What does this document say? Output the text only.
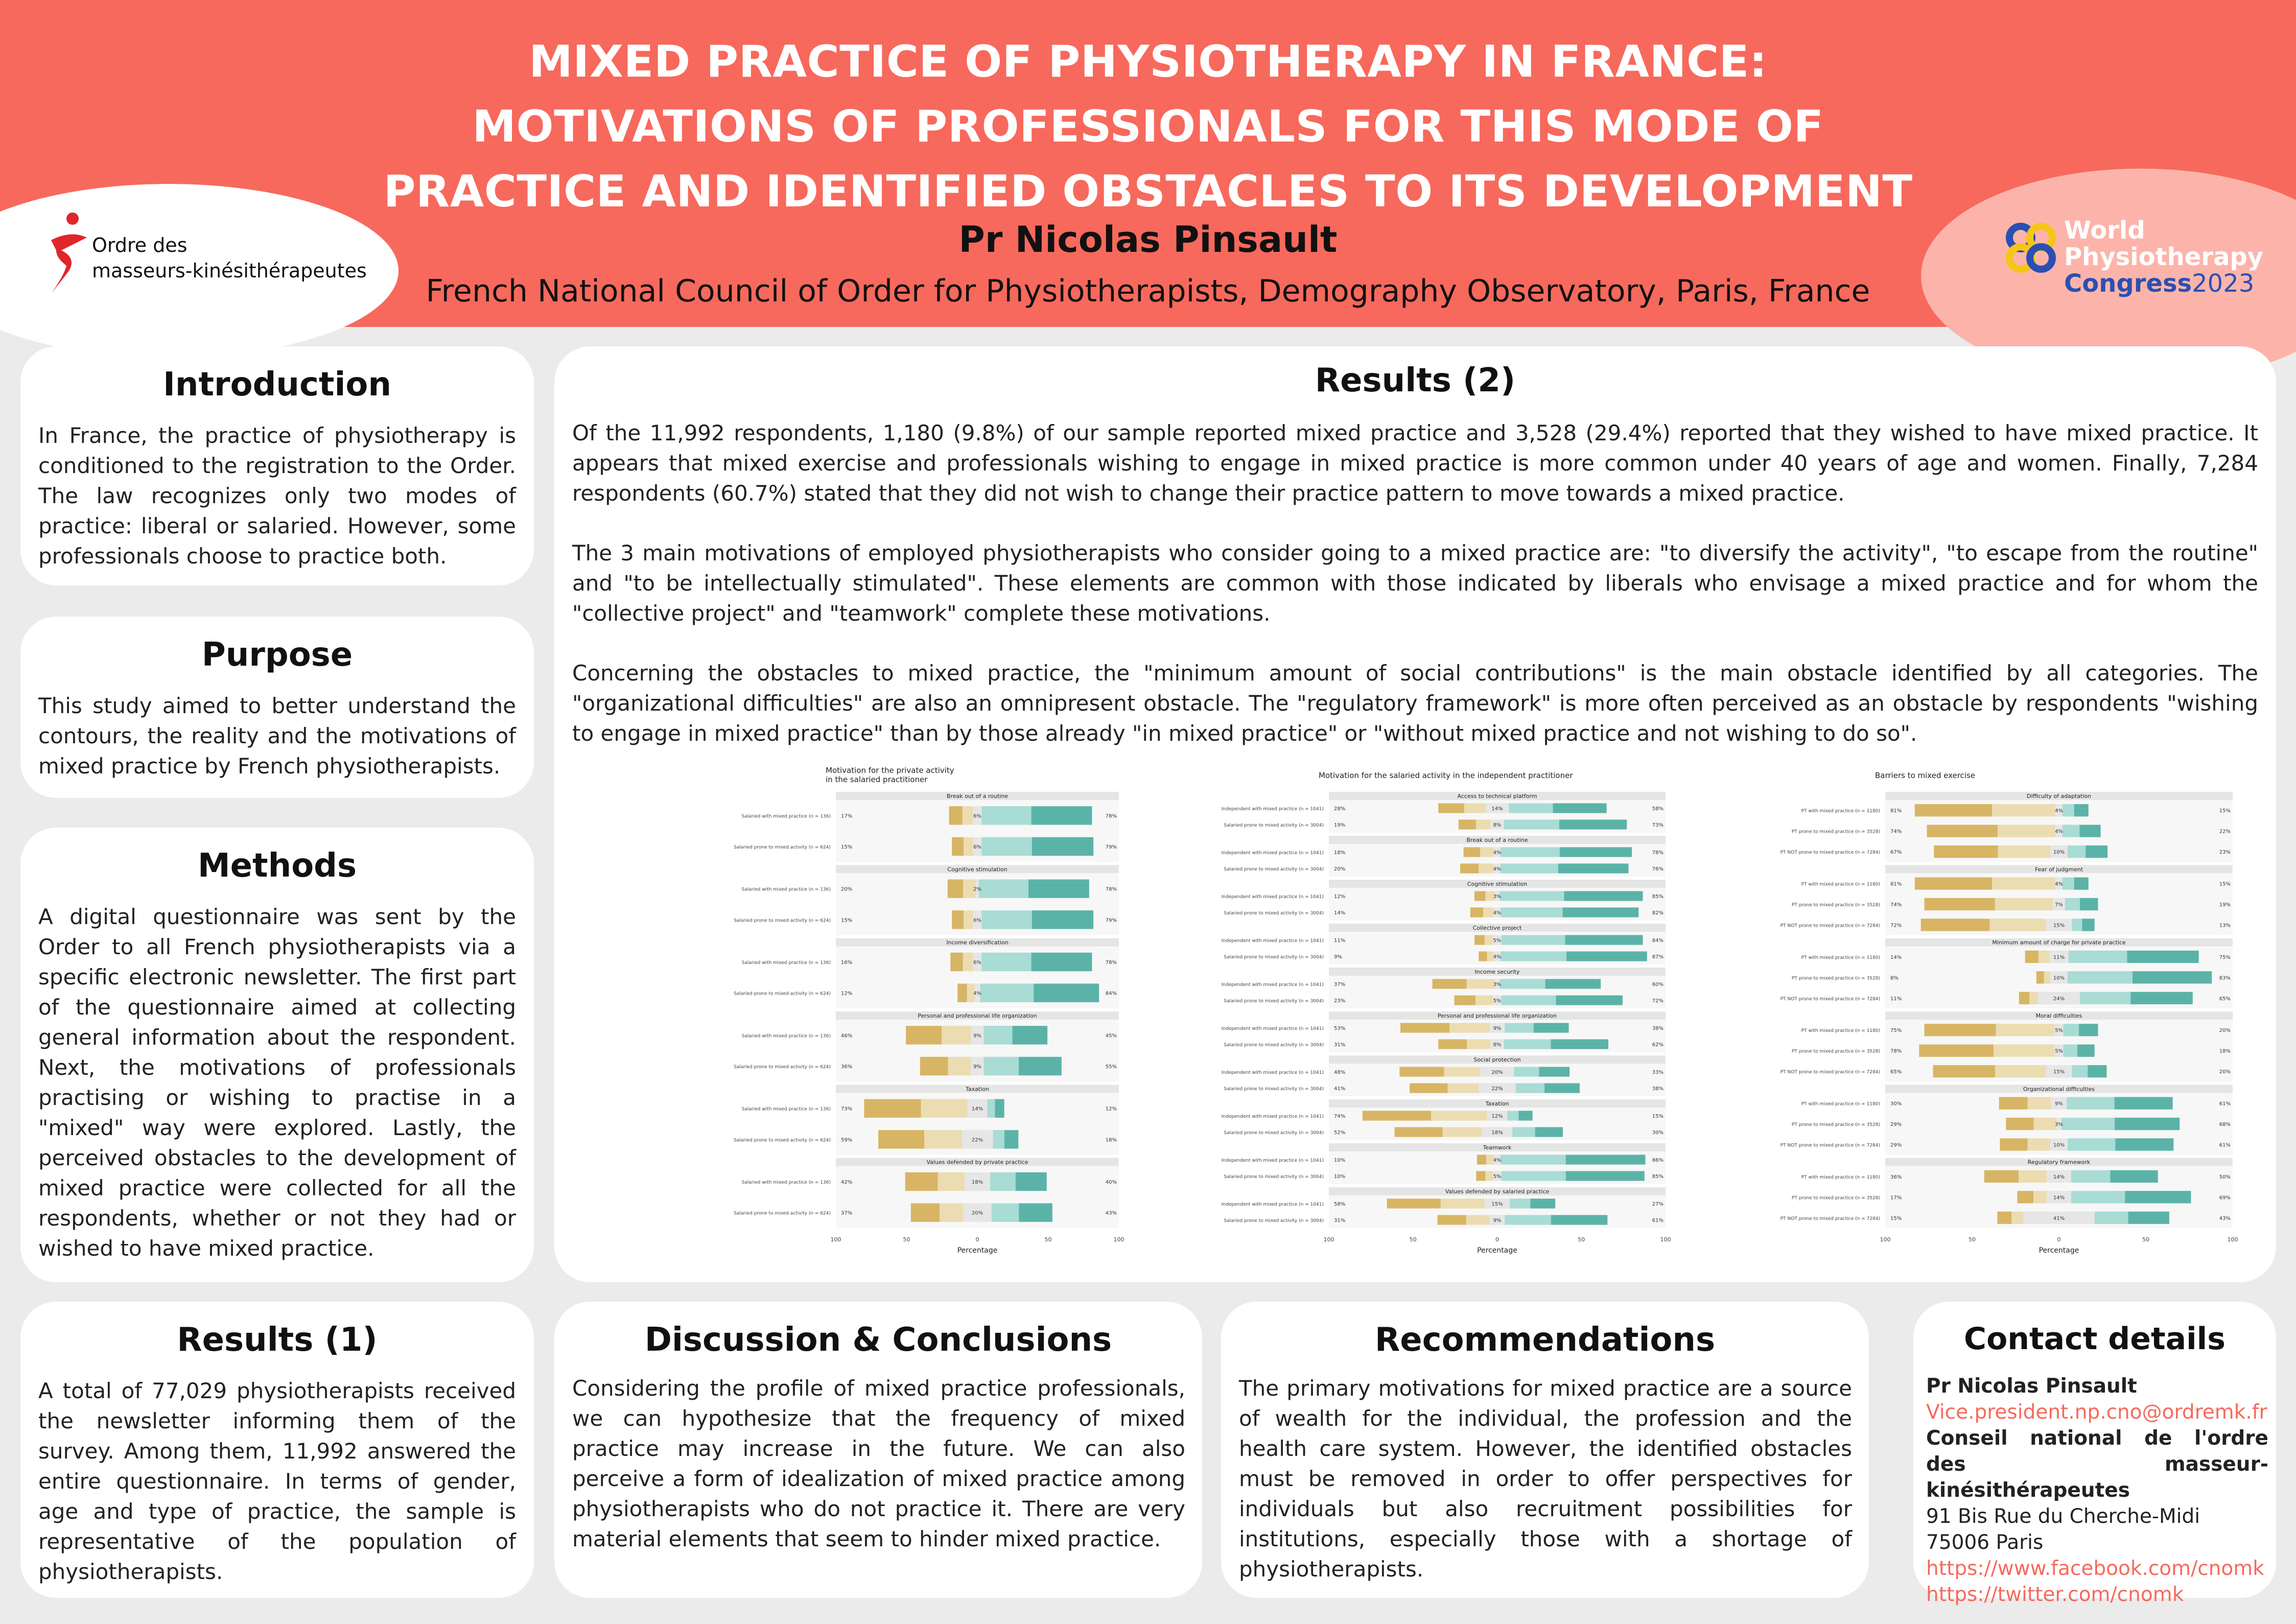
Ordre des
masseurs-kinésithérapeutes
World
Physiotherapy
Congress2023
MIXED PRACTICE OF PHYSIOTHERAPY IN FRANCE:
MOTIVATIONS OF PROFESSIONALS FOR THIS MODE OF
PRACTICE AND IDENTIFIED OBSTACLES TO ITS DEVELOPMENT
Pr Nicolas Pinsault
French National Council of Order for Physiotherapists, Demography Observatory, Paris, France
Introduction
In France, the practice of physiotherapy is conditioned to the registration to the Order. The law recognizes only two modes of practice: liberal or salaried. However, some professionals choose to practice both.
Purpose
This study aimed to better understand the contours, the reality and the motivations of mixed practice by French physiotherapists.
Methods
A digital questionnaire was sent by the Order to all French physiotherapists via a specific electronic newsletter. The first part of the questionnaire aimed at collecting general information about the respondent. Next, the motivations of professionals practising or wishing to practise in a "mixed" way were explored. Lastly, the perceived obstacles to the development of mixed practice were collected for all the respondents, whether or not they had or wished to have mixed practice.
Results (2)
Of the 11,992 respondents, 1,180 (9.8%) of our sample reported mixed practice and 3,528 (29.4%) reported that they wished to have mixed practice. It appears that mixed exercise and professionals wishing to engage in mixed practice is more common under 40 years of age and women. Finally, 7,284 respondents (60.7%) stated that they did not wish to change their practice pattern to move towards a mixed practice.
The 3 main motivations of employed physiotherapists who consider going to a mixed practice are: "to diversify the activity", "to escape from the routine" and "to be intellectually stimulated". These elements are common with those indicated by liberals who envisage a mixed practice and for whom the "collective project" and "teamwork" complete these motivations.
Concerning the obstacles to mixed practice, the "minimum amount of social contributions" is the main obstacle identified by all categories. The "organizational difficulties" are also an omnipresent obstacle. The "regulatory framework" is more often perceived as an obstacle by respondents "wishing to engage in mixed practice" than by those already "in mixed practice" or "without mixed practice and not wishing to do so".
Motivation for the private activity
in the salaried practitioner
Break out of a routine
Salaried with mixed practice (n = 136) 17%	6%	78%
Salaried prone to mixed activity (n = 624) 15%	6%	79%
Cognitive stimulation
Salaried with mixed practice (n = 136) 20%	2%	78%
Salaried prone to mixed activity (n = 624) 15%	6%	79%
Income diversification
Salaried with mixed practice (n = 136) 16%	6%	78%
Salaried prone to mixed activity (n = 624) 12%	4%	84%
Personal and professional life organization
Salaried with mixed practice (n = 136) 46%	9%	45%
Salaried prone to mixed activity (n = 624) 36%	9%	55%
Taxation
Salaried with mixed practice (n = 136) 73%	14%	12%
Salaried prone to mixed activity (n = 624) 59%	22%	18%
Values defended by private practice
Salaried with mixed practice (n = 136) 42%	18%	40%
Salaried prone to mixed activity (n = 624) 37%	20%	43%
100	50	0	50	100
Percentage
Motivation for the salaried activity in the independent practitioner
Access to technical platform
Independent with mixed practice (n = 1041) 28%	14%	58%
Salaried prone to mixed activity (n = 3004) 19%	8%	73%
Break out of a routine
Independent with mixed practice (n = 1041) 18%	4%	78%
Salaried prone to mixed activity (n = 3004) 20%	4%	76%
Cognitive stimulation
Independent with mixed practice (n = 1041) 12%	3%	85%
Salaried prone to mixed activity (n = 3004) 14%	4%	82%
Collective project
Independent with mixed practice (n = 1041) 11%	5%	84%
Salaried prone to mixed activity (n = 3004) 9%	4%	87%
Income security
Independent with mixed practice (n = 1041) 37%	3%	60%
Salaried prone to mixed activity (n = 3004) 23%	5%	72%
Personal and professional life organization
Independent with mixed practice (n = 1041) 53%	9%	38%
Salaried prone to mixed activity (n = 3004) 31%	8%	62%
Social protection
Independent with mixed practice (n = 1041) 48%	20%	33%
Salaried prone to mixed activity (n = 3004) 41%	22%	38%
Taxation
Independent with mixed practice (n = 1041) 74%	12%	15%
Salaried prone to mixed activity (n = 3004) 52%	18%	30%
Teamwork
Independent with mixed practice (n = 1041) 10%	4%	86%
Salaried prone to mixed activity (n = 3004) 10%	5%	85%
Values defended by salaried practice
Independent with mixed practice (n = 1041) 58%	15%	27%
Salaried prone to mixed activity (n = 3004) 31%	9%	61%
100	50	0	50	100
Percentage
Barriers to mixed exercise
Difficulty of adaptation
PT with mixed practice (n = 1180) 81%	4%	15%
PT prone to mixed practice (n = 3528) 74%	4%	22%
PT NOT prone to mixed practice (n = 7284) 67%	10%	23%
Fear of judgment
PT with mixed practice (n = 1180) 81%	4%	15%
PT prone to mixed practice (n = 3528) 74%	7%	19%
PT NOT prone to mixed practice (n = 7284) 72%	15%	13%
Minimum amount of charge for private practice
PT with mixed practice (n = 1180) 14%	11%	75%
PT prone to mixed practice (n = 3528) 8%	10%	83%
PT NOT prone to mixed practice (n = 7284) 11%	24%	65%
Moral difficulties
PT with mixed practice (n = 1180) 75%	5%	20%
PT prone to mixed practice (n = 3528) 78%	5%	18%
PT NOT prone to mixed practice (n = 7284) 65%	15%	20%
Organizational difficulties
PT with mixed practice (n = 1180) 30%	9%	61%
PT prone to mixed practice (n = 3528) 29%	3%	68%
PT NOT prone to mixed practice (n = 7284) 29%	10%	61%
Regulatory framework
PT with mixed practice (n = 1180) 36%	14%	50%
PT prone to mixed practice (n = 3528) 17%	14%	69%
PT NOT prone to mixed practice (n = 7284) 15%	41%	43%
100	50	0	50	100
Percentage
Results (1)
A total of 77,029 physiotherapists received the newsletter informing them of the survey. Among them, 11,992 answered the entire questionnaire. In terms of gender, age and type of practice, the sample is representative of the population of physiotherapists.
Discussion & Conclusions
Considering the profile of mixed practice professionals, we can hypothesize that the frequency of mixed practice may increase in the future. We can also perceive a form of idealization of mixed practice among physiotherapists who do not practice it. There are very material elements that seem to hinder mixed practice.
Recommendations
The primary motivations for mixed practice are a source of wealth for the individual, the profession and the health care system. However, the identified obstacles must be removed in order to offer perspectives for individuals but also recruitment possibilities for institutions, especially those with a shortage of physiotherapists.
Contact details
Pr Nicolas Pinsault
Vice.president.np.cno@ordremk.fr
Conseil national de l'ordre des masseur-kinésithérapeutes
91 Bis Rue du Cherche-Midi
75006 Paris
https://www.facebook.com/cnomk
https://twitter.com/cnomk
